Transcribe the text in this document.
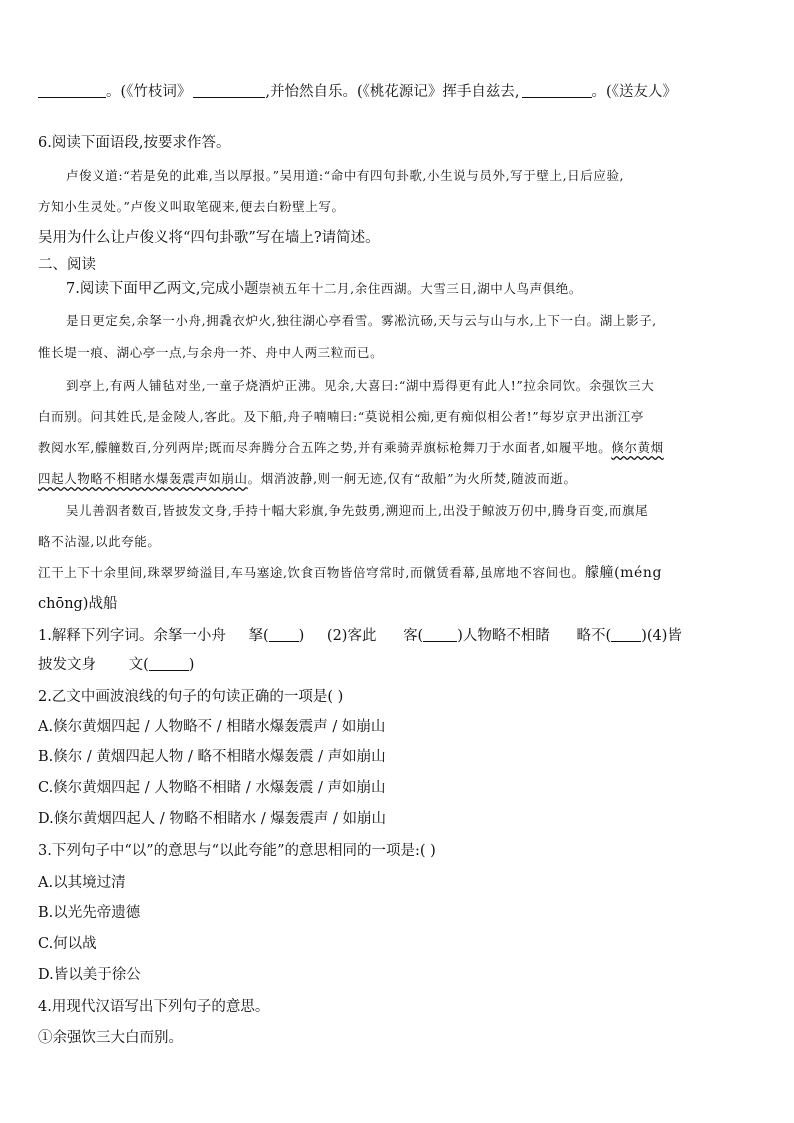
。(《竹枝词》	,并怡然自乐。(《桃花源记》挥手自兹去,	。(《送友人》
6.阅读下面语段,按要求作答。
卢俊义道:“若是免的此难,当以厚报。”吴用道:“命中有四句卦歌,小生说与员外,写于壁上,日后应验,
方知小生灵处。”卢俊义叫取笔砚来,便去白粉壁上写。
吴用为什么让卢俊义将“四句卦歌”写在墙上?请简述。
二、阅读
7.阅读下面甲乙两文,完成小题崇祯五年十二月,余住西湖。大雪三日,湖中人鸟声俱绝。
是日更定矣,余拏一小舟,拥毳衣炉火,独往湖心亭看雪。雾凇沆砀,天与云与山与水,上下一白。湖上影子,
惟长堤一痕、湖心亭一点,与余舟一芥、舟中人两三粒而已。
到亭上,有两人铺毡对坐,一童子烧酒炉正沸。见余,大喜曰:“湖中焉得更有此人!”拉余同饮。余强饮三大
白而别。问其姓氏,是金陵人,客此。及下船,舟子喃喃曰:“莫说相公痴,更有痴似相公者!”每岁京尹出浙江亭
教阅水军,艨艟数百,分列两岸;既而尽奔腾分合五阵之势,并有乘骑弄旗标枪舞刀于水面者,如履平地。倏尔黄烟
四起人物略不相睹水爆轰震声如崩山。烟消波静,则一舸无迹,仅有“敌船”为火所焚,随波而逝。
吴儿善泅者数百,皆披发文身,手持十幅大彩旗,争先鼓勇,溯迎而上,出没于鲸波万仞中,腾身百变,而旗尾
略不沾湿,以此夸能。
江干上下十余里间,珠翠罗绮溢目,车马塞途,饮食百物皆倍穹常时,而僦赁看幕,虽席地不容间也。艨艟(méng
chōng)战船
1.解释下列字词。余拏一小舟 拏( ) (2)客此 客( )人物略不相睹 略不( )(4)皆
披发文身 文(	)
2.乙文中画波浪线的句子的句读正确的一项是( )
A.倏尔黄烟四起 / 人物略不 / 相睹水爆轰震声 / 如崩山
B.倏尔 / 黄烟四起人物 / 略不相睹水爆轰震 / 声如崩山
C.倏尔黄烟四起 / 人物略不相睹 / 水爆轰震 / 声如崩山
D.倏尔黄烟四起人 / 物略不相睹水 / 爆轰震声 / 如崩山
3.下列句子中“以”的意思与“以此夸能”的意思相同的一项是:( )
A.以其境过清
B.以光先帝遗德
C.何以战
D.皆以美于徐公
4.用现代汉语写出下列句子的意思。
①余强饮三大白而别。
